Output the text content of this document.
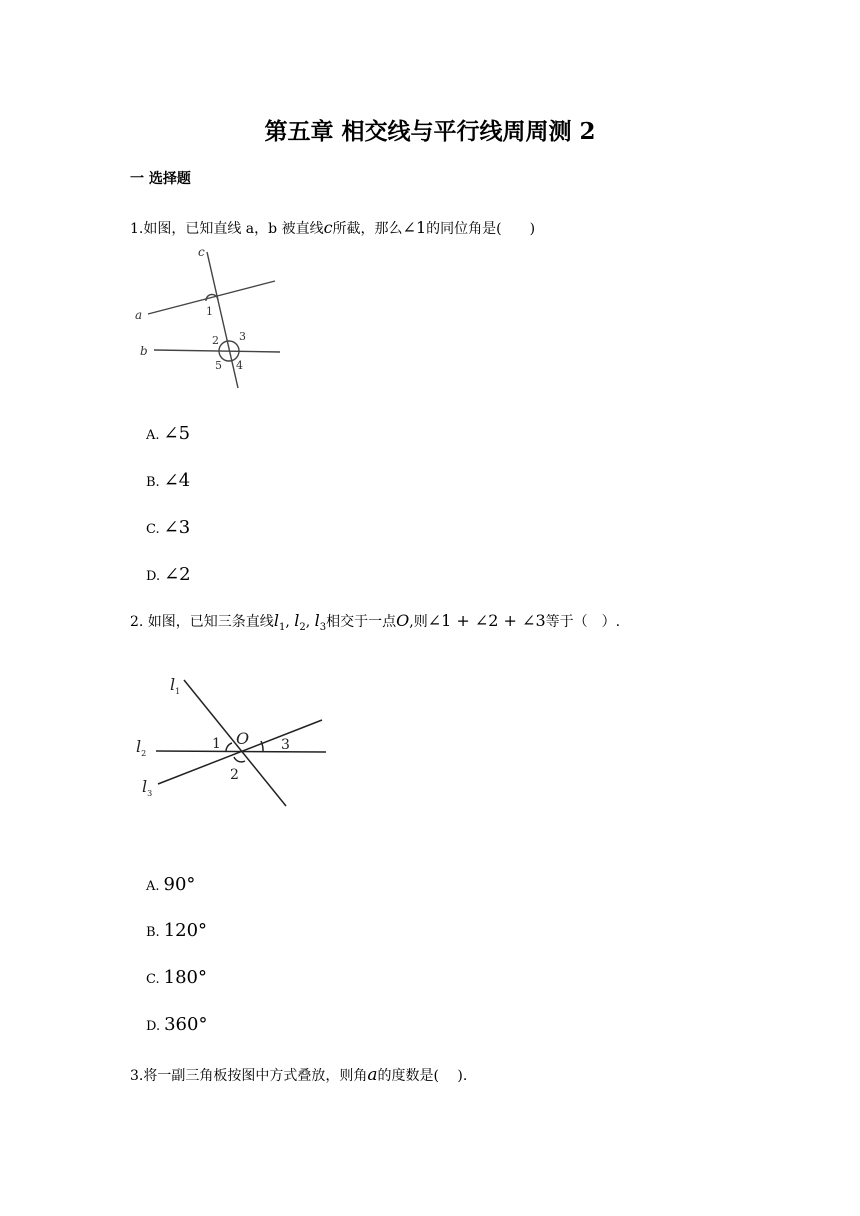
第五章 相交线与平行线周周测 2
一 选择题
1.如图，已知直线 a，b 被直线c所截，那么∠1的同位角是(　　)
c
a
b
1
2 3
4
5
A. ∠5
B. ∠4
C. ∠3
D. ∠2
2. 如图，已知三条直线$l_1$, $l_2$, $l_3$相交于一点O,则∠1 + ∠2 + ∠3等于（　）.
$l_1$
$l_2$
$l_3$
O
1
2
3
A. 90°
B. 120°
C. 180°
D. 360°
3.将一副三角板按图中方式叠放，则角a的度数是(　 ).
